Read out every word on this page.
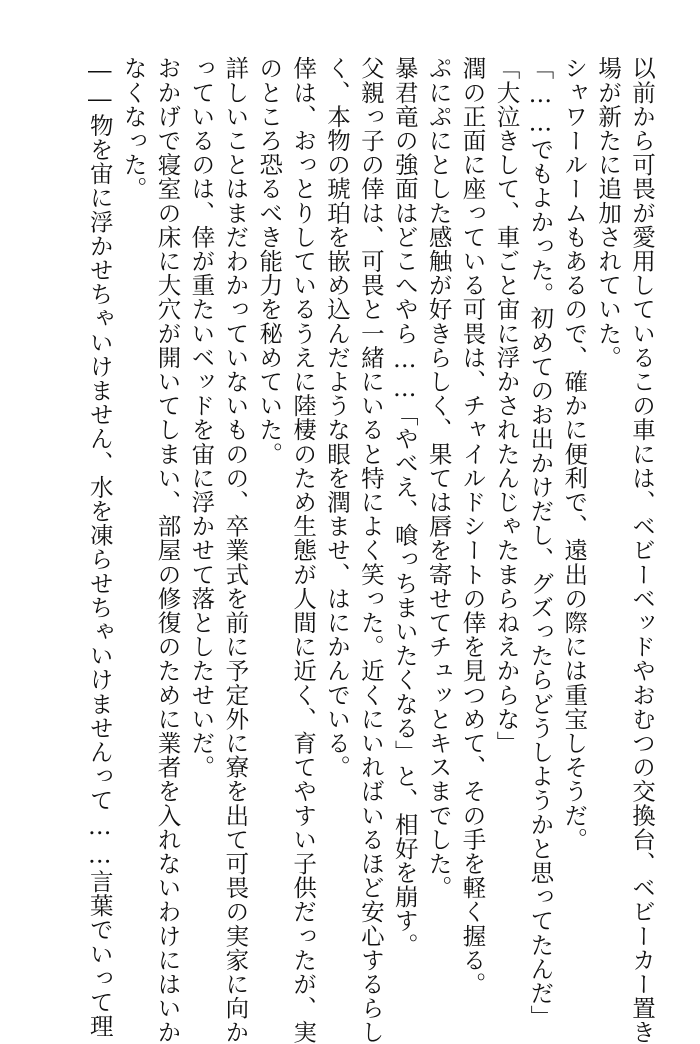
以前から可畏が愛用しているこの車には、ベビーベッドやおむつの交換台、ベビーカー置き
場が新たに追加されていた。
シャワールームもあるので、確かに便利で、遠出の際には重宝しそうだ。
「……でもよかった。初めてのお出かけだし、グズったらどうしようかと思ってたんだ」
「大泣きして、車ごと宙に浮かされたんじゃたまらねえからな」
潤の正面に座っている可畏は、チャイルドシートの倖を見つめて、その手を軽く握る。
ぷにぷにとした感触が好きらしく、果ては唇を寄せてチュッとキスまでした。
暴君竜の強面はどこへやら……「やべえ、喰っちまいたくなる」と、相好を崩す。
父親っ子の倖は、可畏と一緒にいると特によく笑った。近くにいればいるほど安心するらし
く、本物の琥珀を嵌め込んだような眼を潤ませ、はにかんでいる。
倖は、おっとりしているうえに陸棲のため生態が人間に近く、育てやすい子供だったが、実
のところ恐るべき能力を秘めていた。
詳しいことはまだわかっていないものの、卒業式を前に予定外に寮を出て可畏の実家に向か
っているのは、倖が重たいベッドを宙に浮かせて落としたせいだ。
おかげで寝室の床に大穴が開いてしまい、部屋の修復のために業者を入れないわけにはいか
なくなった。
――物を宙に浮かせちゃいけません、水を凍らせちゃいけませんって……言葉でいって理
